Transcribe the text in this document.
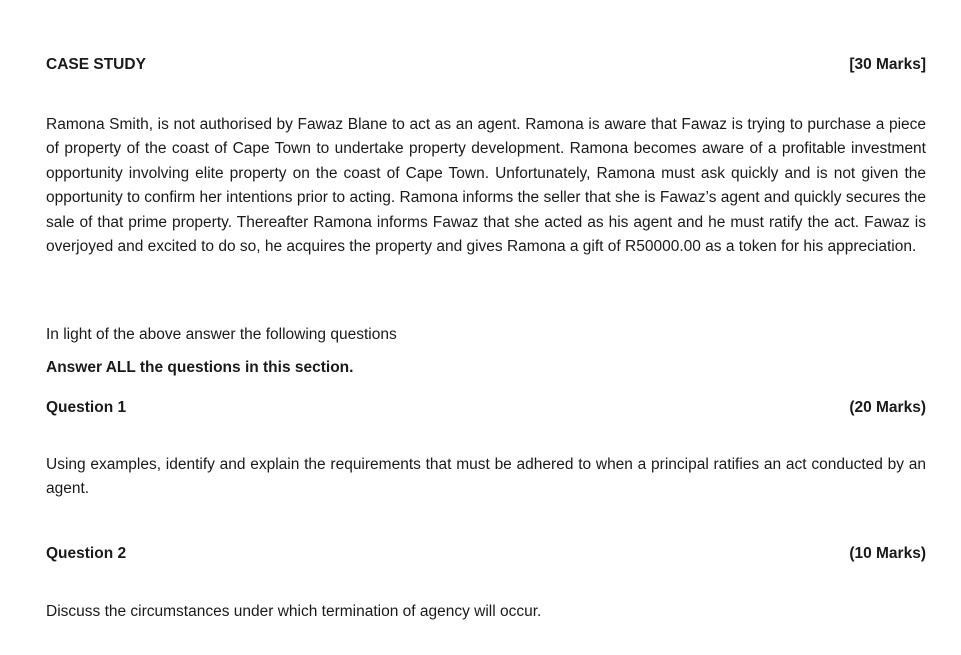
CASE STUDY	[30 Marks]
Ramona Smith, is not authorised by Fawaz Blane to act as an agent. Ramona is aware that Fawaz is trying to purchase a piece of property of the coast of Cape Town to undertake property development. Ramona becomes aware of a profitable investment opportunity involving elite property on the coast of Cape Town. Unfortunately, Ramona must ask quickly and is not given the opportunity to confirm her intentions prior to acting. Ramona informs the seller that she is Fawaz’s agent and quickly secures the sale of that prime property. Thereafter Ramona informs Fawaz that she acted as his agent and he must ratify the act. Fawaz is overjoyed and excited to do so, he acquires the property and gives Ramona a gift of R50000.00 as a token for his appreciation.
In light of the above answer the following questions
Answer ALL the questions in this section.
Question 1	(20 Marks)
Using examples, identify and explain the requirements that must be adhered to when a principal ratifies an act conducted by an agent.
Question 2	(10 Marks)
Discuss the circumstances under which termination of agency will occur.
